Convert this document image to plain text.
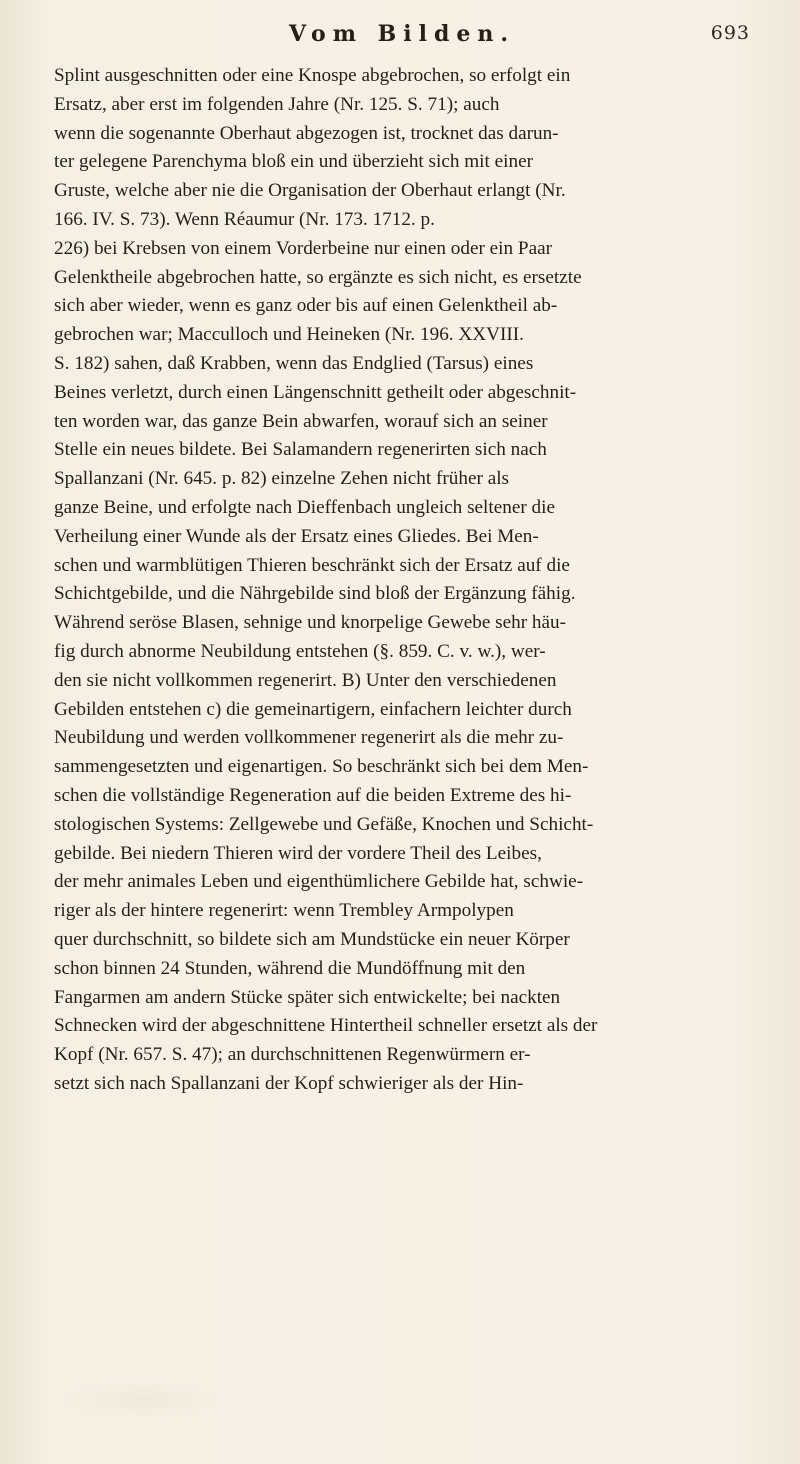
Vom Bilden.	693
Splint ausgeschnitten oder eine Knospe abgebrochen, so erfolgt ein
Ersatz, aber erst im folgenden Jahre (Nr. 125. S. 71); auch
wenn die sogenannte Oberhaut abgezogen ist, trocknet das darun-
ter gelegene Parenchyma bloß ein und überzieht sich mit einer
Gruste, welche aber nie die Organisation der Oberhaut erlangt (Nr.
166. IV. S. 73). Wenn Réaumur (Nr. 173. 1712. p.
226) bei Krebsen von einem Vorderbeine nur einen oder ein Paar
Gelenktheile abgebrochen hatte, so ergänzte es sich nicht, es ersetzte
sich aber wieder, wenn es ganz oder bis auf einen Gelenktheil ab-
gebrochen war; Macculloch und Heineken (Nr. 196. XXVIII.
S. 182) sahen, daß Krabben, wenn das Endglied (Tarsus) eines
Beines verletzt, durch einen Längenschnitt getheilt oder abgeschnit-
ten worden war, das ganze Bein abwarfen, worauf sich an seiner
Stelle ein neues bildete. Bei Salamandern regenerirten sich nach
Spallanzani (Nr. 645. p. 82) einzelne Zehen nicht früher als
ganze Beine, und erfolgte nach Dieffenbach ungleich seltener die
Verheilung einer Wunde als der Ersatz eines Gliedes. Bei Men-
schen und warmblütigen Thieren beschränkt sich der Ersatz auf die
Schichtgebilde, und die Nährgebilde sind bloß der Ergänzung fähig.
Während seröse Blasen, sehnige und knorpelige Gewebe sehr häu-
fig durch abnorme Neubildung entstehen (§. 859. C. v. w.), wer-
den sie nicht vollkommen regenerirt. B) Unter den verschiedenen
Gebilden entstehen c) die gemeinartigern, einfachern leichter durch
Neubildung und werden vollkommener regenerirt als die mehr zu-
sammengesetzten und eigenartigen. So beschränkt sich bei dem Men-
schen die vollständige Regeneration auf die beiden Extreme des hi-
stologischen Systems: Zellgewebe und Gefäße, Knochen und Schicht-
gebilde. Bei niedern Thieren wird der vordere Theil des Leibes,
der mehr animales Leben und eigenthümlichere Gebilde hat, schwie-
riger als der hintere regenerirt: wenn Trembley Armpolypen
quer durchschnitt, so bildete sich am Mundstücke ein neuer Körper
schon binnen 24 Stunden, während die Mundöffnung mit den
Fangarmen am andern Stücke später sich entwickelte; bei nackten
Schnecken wird der abgeschnittene Hintertheil schneller ersetzt als der
Kopf (Nr. 657. S. 47); an durchschnittenen Regenwürmern er-
setzt sich nach Spallanzani der Kopf schwieriger als der Hin-
